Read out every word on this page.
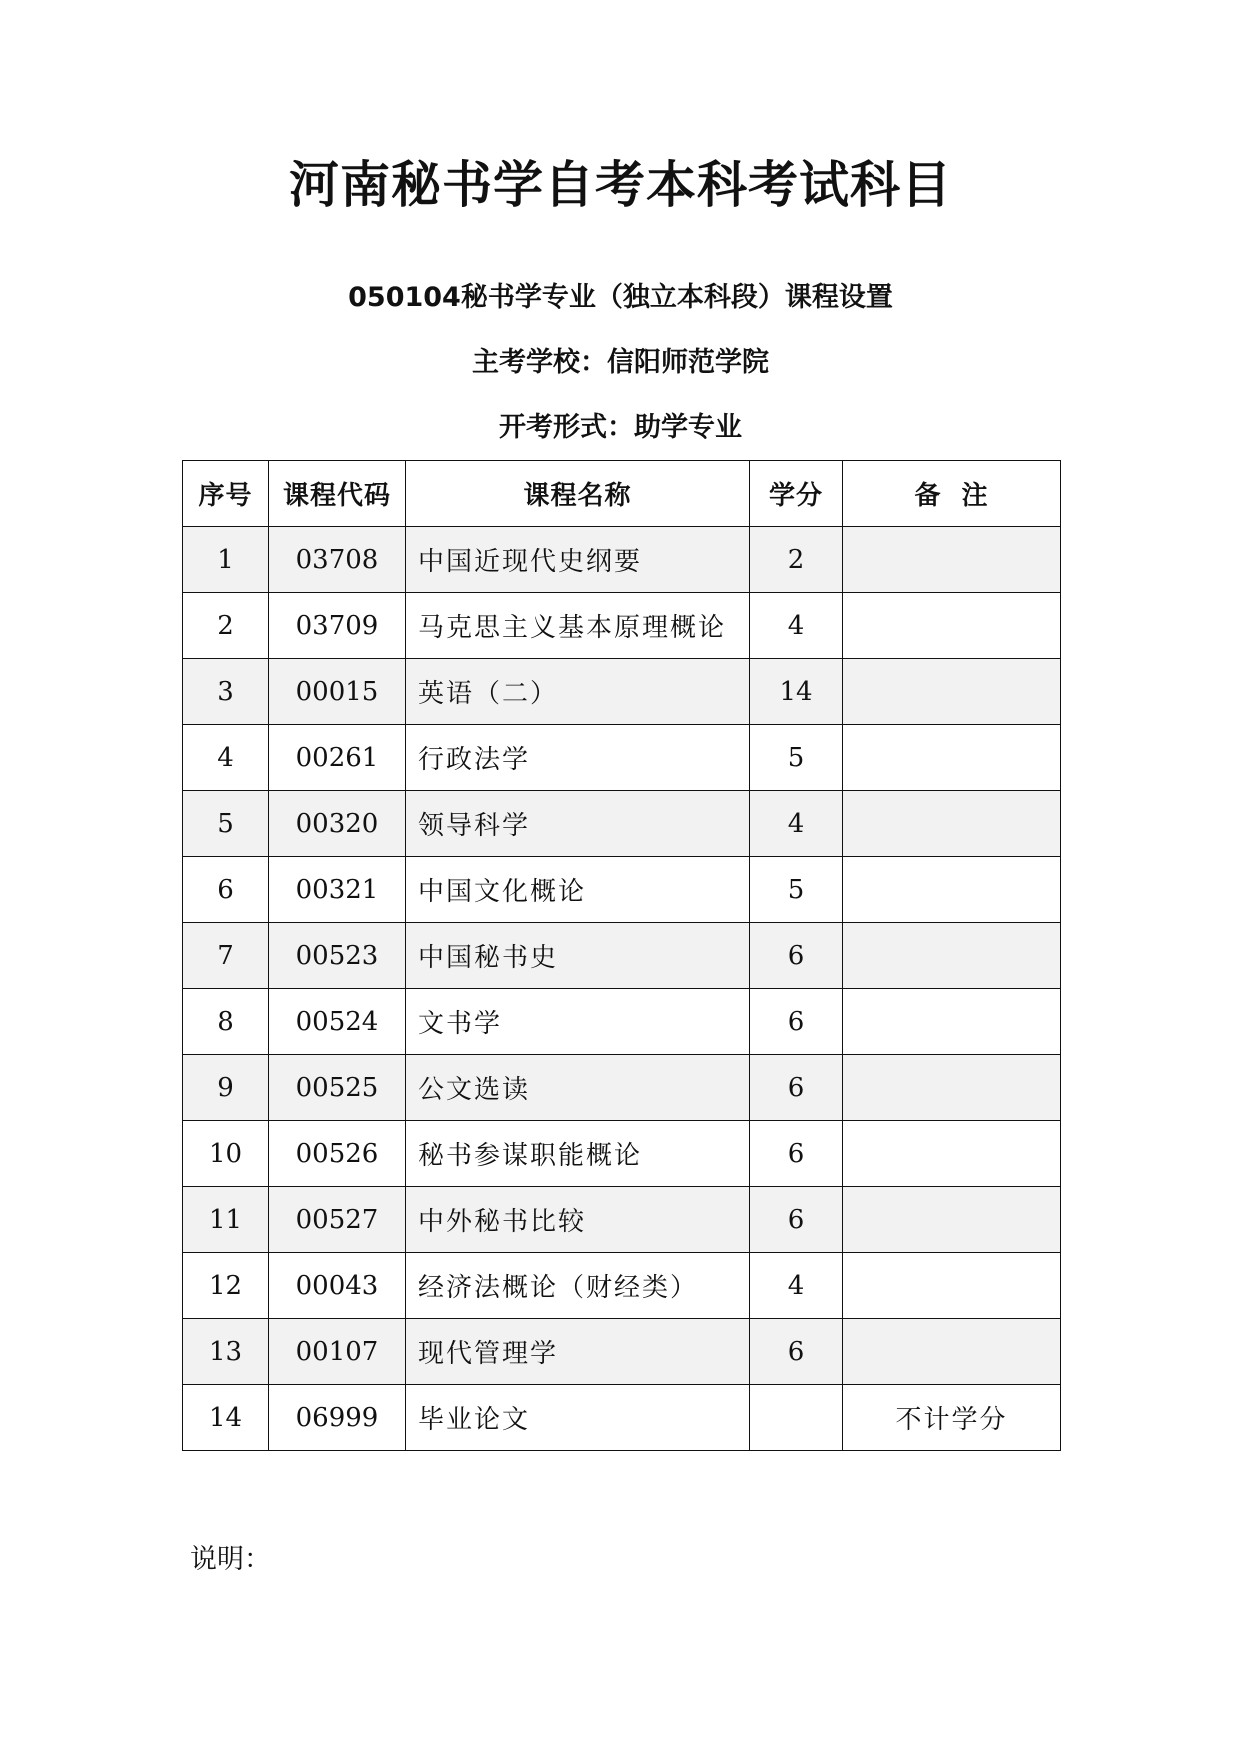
河南秘书学自考本科考试科目
050104秘书学专业（独立本科段）课程设置
主考学校：信阳师范学院
开考形式：助学专业
序号	课程代码	课程名称	学分	备  注
1	03708	中国近现代史纲要	2	
2	03709	马克思主义基本原理概论	4	
3	00015	英语（二）	14	
4	00261	行政法学	5	
5	00320	领导科学	4	
6	00321	中国文化概论	5	
7	00523	中国秘书史	6	
8	00524	文书学	6	
9	00525	公文选读	6	
10	00526	秘书参谋职能概论	6	
11	00527	中外秘书比较	6	
12	00043	经济法概论（财经类）	4	
13	00107	现代管理学	6	
14	06999	毕业论文		不计学分
说明：
